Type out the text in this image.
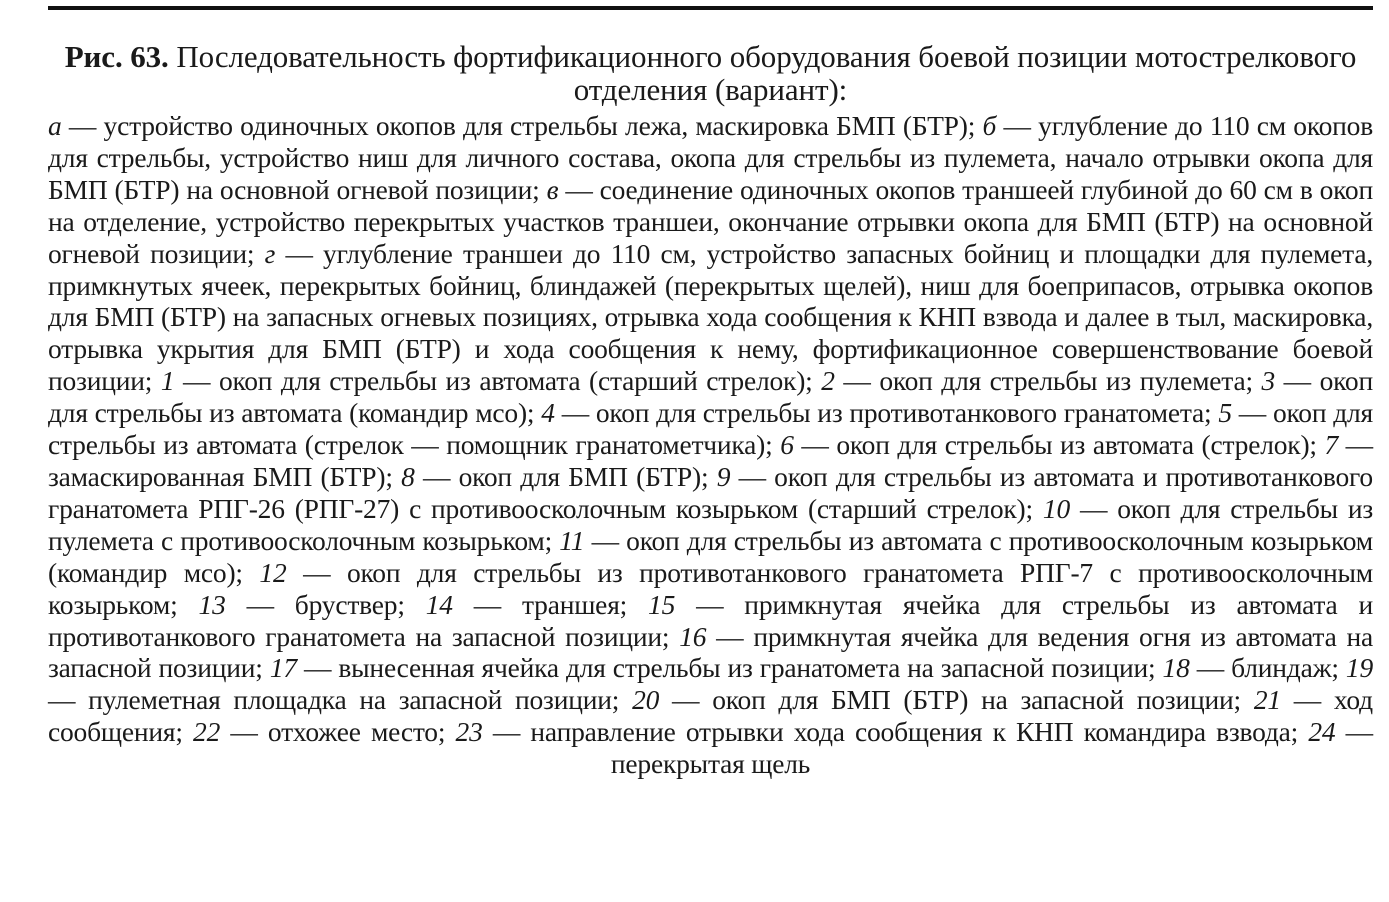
Рис. 63. Последовательность фортификационного оборудования боевой позиции мотострелкового отделения (вариант):

а — устройство одиночных окопов для стрельбы лежа, маскировка БМП (БТР); б — углубление до 110 см окопов для стрельбы, устройство ниш для личного состава, окопа для стрельбы из пулемета, начало отрывки окопа для БМП (БТР) на основной огневой позиции; в — соединение одиночных окопов траншеей глубиной до 60 см в окоп на отделение, устройство перекрытых участков траншеи, окончание отрывки окопа для БМП (БТР) на основной огневой позиции; г — углубление траншеи до 110 см, устройство запасных бойниц и площадки для пулемета, примкнутых ячеек, перекрытых бойниц, блиндажей (перекрытых щелей), ниш для боеприпасов, отрывка окопов для БМП (БТР) на запасных огневых позициях, отрывка хода сообщения к КНП взвода и далее в тыл, маскировка, отрывка укрытия для БМП (БТР) и хода сообщения к нему, фортификационное совершенствование боевой позиции; 1 — окоп для стрельбы из автомата (старший стрелок); 2 — окоп для стрельбы из пулемета; 3 — окоп для стрельбы из автомата (командир мсо); 4 — окоп для стрельбы из противотанкового гранатомета; 5 — окоп для стрельбы из автомата (стрелок — помощник гранатометчика); 6 — окоп для стрельбы из автомата (стрелок); 7 — замаскированная БМП (БТР); 8 — окоп для БМП (БТР); 9 — окоп для стрельбы из автомата и противотанкового гранатомета РПГ-26 (РПГ-27) с противоосколочным козырьком (старший стрелок); 10 — окоп для стрельбы из пулемета с противоосколочным козырьком; 11 — окоп для стрельбы из автомата с противоосколочным козырьком (командир мсо); 12 — окоп для стрельбы из противотанкового гранатомета РПГ-7 с противоосколочным козырьком; 13 — бруствер; 14 — траншея; 15 — примкнутая ячейка для стрельбы из автомата и противотанкового гранатомета на запасной позиции; 16 — примкнутая ячейка для ведения огня из автомата на запасной позиции; 17 — вынесенная ячейка для стрельбы из гранатомета на запасной позиции; 18 — блиндаж; 19 — пулеметная площадка на запасной позиции; 20 — окоп для БМП (БТР) на запасной позиции; 21 — ход сообщения; 22 — отхожее место; 23 — направление отрывки хода сообщения к КНП командира взвода; 24 — перекрытая щель
